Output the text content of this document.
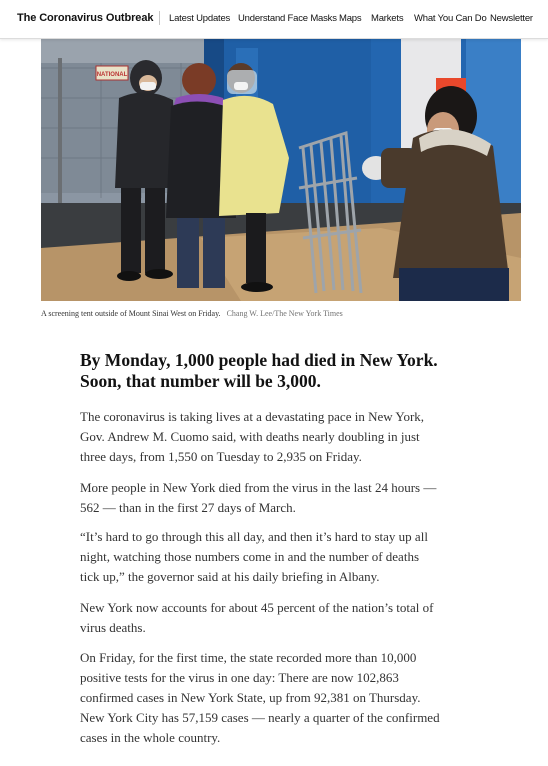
The Coronavirus Outbreak Latest Updates Understand Face Masks Maps Markets What You Can Do Newsletter
NATIONAL
A screening tent outside of Mount Sinai West on Friday. Chang W. Lee/The New York Times
By Monday, 1,000 people had died in New York.
Soon, that number will be 3,000.

The coronavirus is taking lives at a devastating pace in New York,
Gov. Andrew M. Cuomo said, with deaths nearly doubling in just
three days, from 1,550 on Tuesday to 2,935 on Friday.

More people in New York died from the virus in the last 24 hours —
562 — than in the first 27 days of March.

“It’s hard to go through this all day, and then it’s hard to stay up all
night, watching those numbers come in and the number of deaths
tick up,” the governor said at his daily briefing in Albany.

New York now accounts for about 45 percent of the nation’s total of
virus deaths.

On Friday, for the first time, the state recorded more than 10,000
positive tests for the virus in one day: There are now 102,863
confirmed cases in New York State, up from 92,381 on Thursday.
New York City has 57,159 cases — nearly a quarter of the confirmed
cases in the whole country.
